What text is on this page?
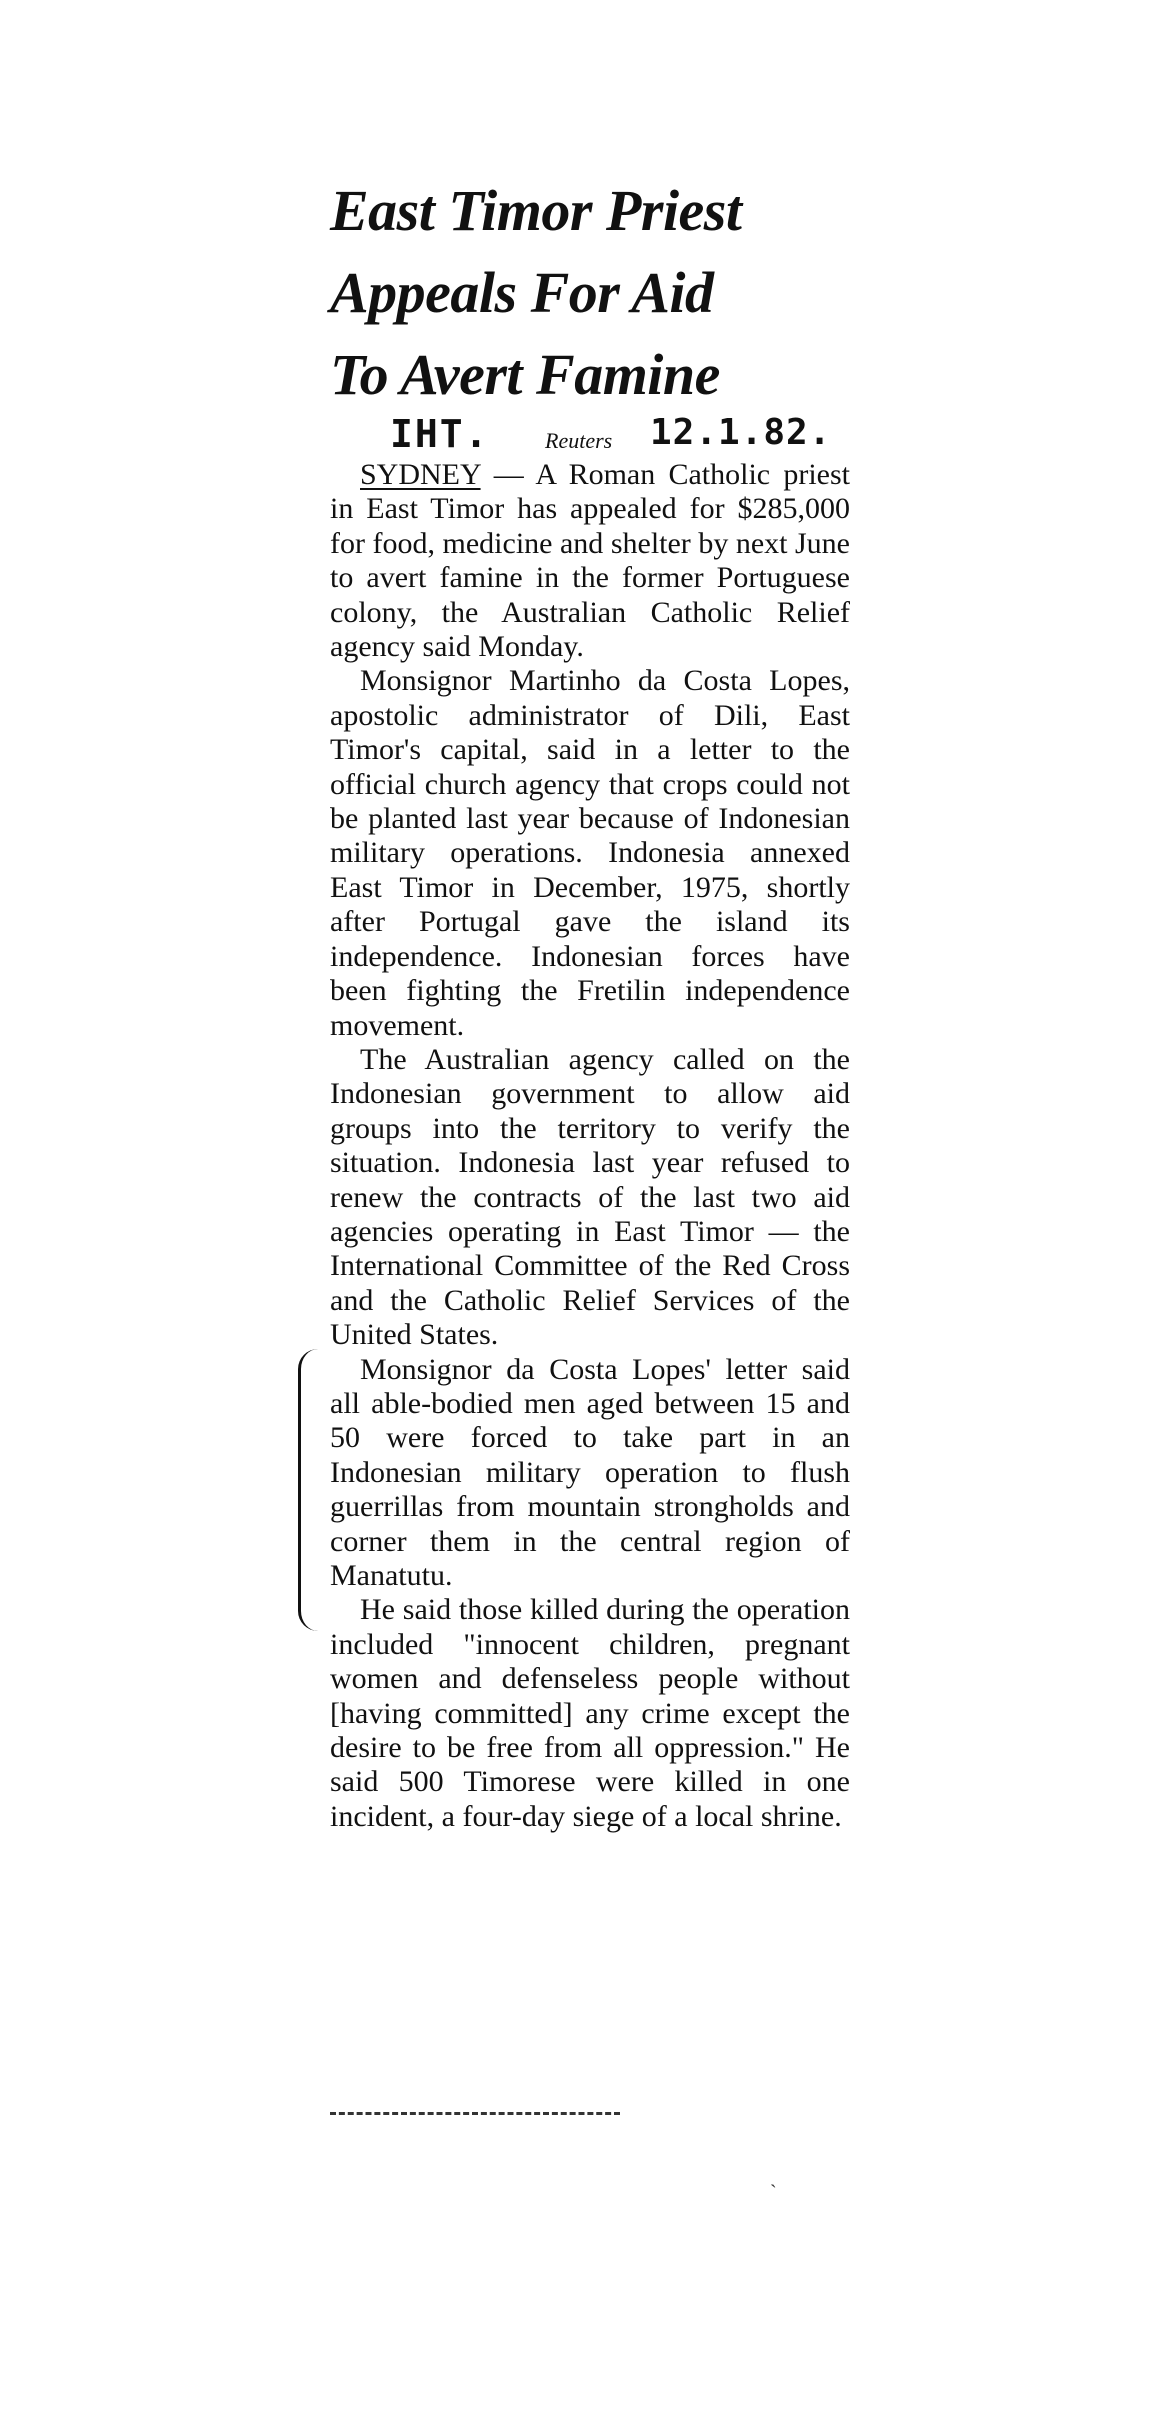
East Timor Priest
Appeals For Aid
To Avert Famine
IHT.	Reuters 12.1.82.

SYDNEY — A Roman Catholic priest in East Timor has appealed for $285,000 for food, medicine and shelter by next June to avert famine in the former Portuguese colony, the Australian Catholic Relief agency said Monday.

Monsignor Martinho da Costa Lopes, apostolic administrator of Dili, East Timor's capital, said in a letter to the official church agency that crops could not be planted last year because of Indonesian military operations. Indonesia annexed East Timor in December, 1975, shortly after Portugal gave the island its independence. Indonesian forces have been fighting the Fretilin independence movement.

The Australian agency called on the Indonesian government to allow aid groups into the territory to verify the situation. Indonesia last year refused to renew the contracts of the last two aid agencies operating in East Timor — the International Committee of the Red Cross and the Catholic Relief Services of the United States.

Monsignor da Costa Lopes' letter said all able-bodied men aged between 15 and 50 were forced to take part in an Indonesian military operation to flush guerrillas from mountain strongholds and corner them in the central region of Manatutu.

He said those killed during the operation included "innocent children, pregnant women and defenseless people without [having committed] any crime except the desire to be free from all oppression." He said 500 Timorese were killed in one incident, a four-day siege of a local shrine.

ˏ
